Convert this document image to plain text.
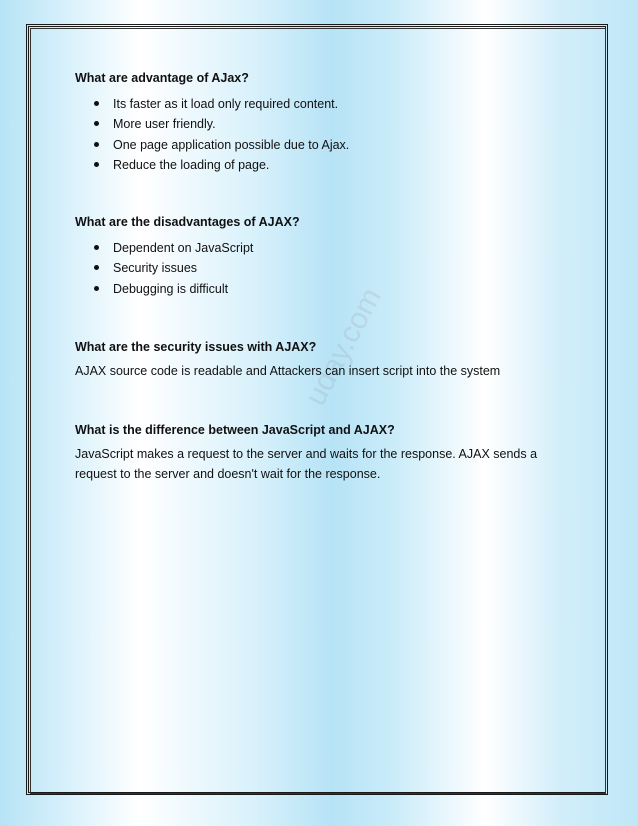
uday.com

What are advantage of AJax?

Its faster as it load only required content.
More user friendly.
One page application possible due to Ajax.
Reduce the loading of page.

What are the disadvantages of AJAX?

Dependent on JavaScript
Security issues
Debugging is difficult

What are the security issues with AJAX?

AJAX source code is readable and Attackers can insert script into the system

What is the difference between JavaScript and AJAX?

JavaScript makes a request to the server and waits for the response. AJAX sends a request to the server and doesn't wait for the response.
